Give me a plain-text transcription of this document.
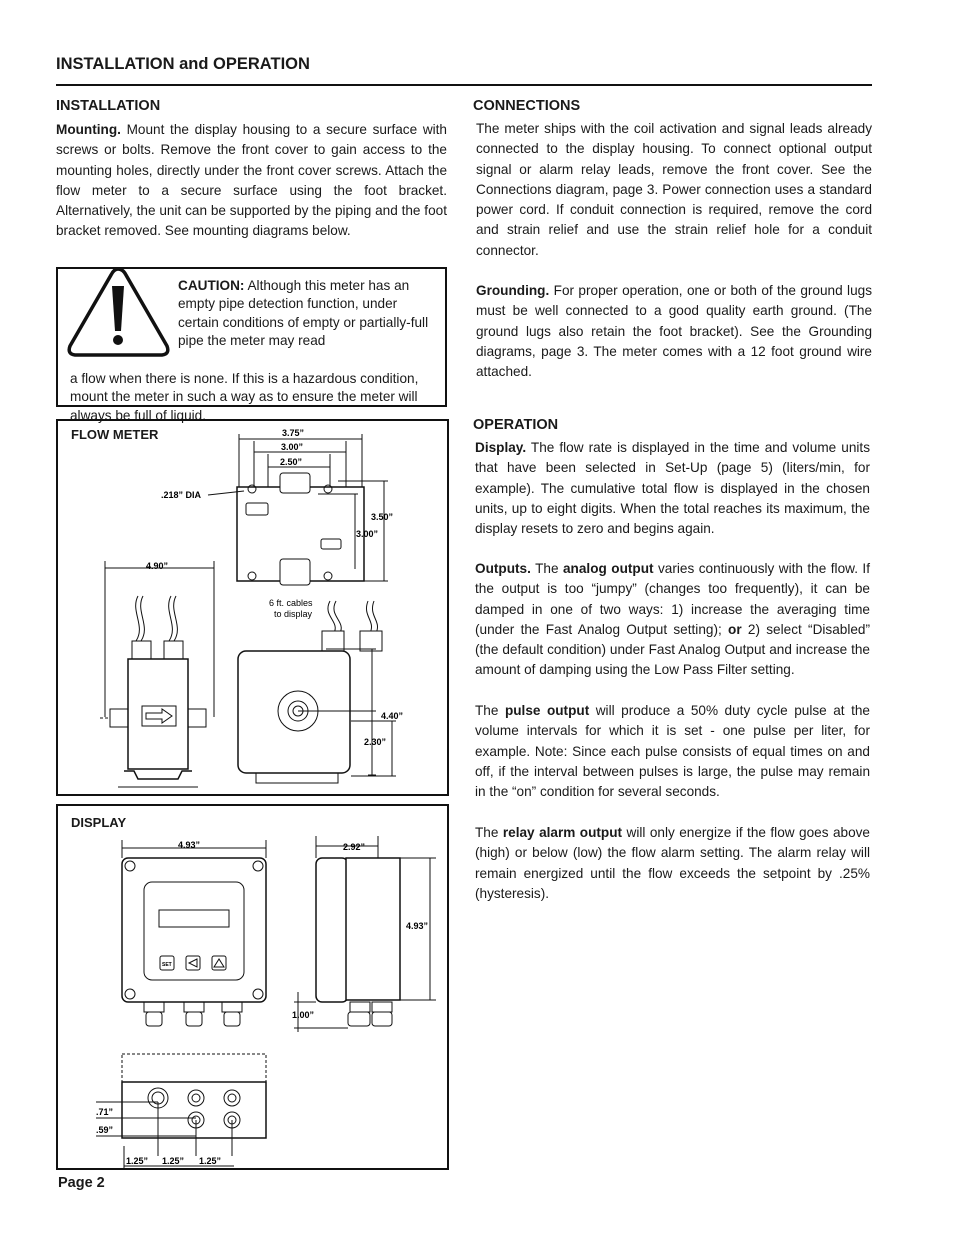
INSTALLATION and OPERATION
INSTALLATION
Mounting. Mount the display housing to a secure surface with screws or bolts. Remove the front cover to gain access to the mounting holes, directly under the front cover screws. Attach the flow meter to a secure surface using the foot bracket. Alternatively, the unit can be supported by the piping and the foot bracket removed. See mounting diagrams below.
CAUTION: Although this meter has an empty pipe detection function, under certain conditions of empty or partially-full pipe the meter may read
a flow when there is none. If this is a hazardous condition, mount the meter in such a way as to ensure the meter will always be full of liquid.
FLOW METER	3.75”
3.00”
2.50”
.218” DIA
3.50”
3.00”
4.90”
6 ft. cables
to display
4.40”
2.30”
DISPLAY
4.93”	2.92”
4.93”
1.00”
SET
.71”
.59”
1.25” 1.25” 1.25”
Page 2
CONNECTIONS
The meter ships with the coil activation and signal leads already connected to the display housing. To connect optional output signal or alarm relay leads, remove the front cover. See the Connections diagram, page 3. Power connection uses a standard power cord. If conduit connection is required, remove the cord and strain relief and use the strain relief hole for a conduit connector.
Grounding. For proper operation, one or both of the ground lugs must be well connected to a good quality earth ground. (The ground lugs also retain the foot bracket). See the Grounding diagrams, page 3. The meter comes with a 12 foot ground wire attached.
OPERATION
Display. The flow rate is displayed in the time and volume units that have been selected in Set-Up (page 5) (liters/min, for example). The cumulative total flow is displayed in the chosen units, up to eight digits. When the total reaches its maximum, the display resets to zero and begins again.
Outputs. The analog output varies continuously with the flow. If the output is too “jumpy” (changes too frequently), it can be damped in one of two ways: 1) increase the averaging time (under the Fast Analog Output setting); or 2) select “Disabled” (the default condition) under Fast Analog Output and increase the amount of damping using the Low Pass Filter setting.
The pulse output will produce a 50% duty cycle pulse at the volume intervals for which it is set - one pulse per liter, for example. Note: Since each pulse consists of equal times on and off, if the interval between pulses is large, the pulse may remain in the “on” condition for several seconds.
The relay alarm output will only energize if the flow goes above (high) or below (low) the flow alarm setting. The alarm relay will remain energized until the flow exceeds the setpoint by .25% (hysteresis).
